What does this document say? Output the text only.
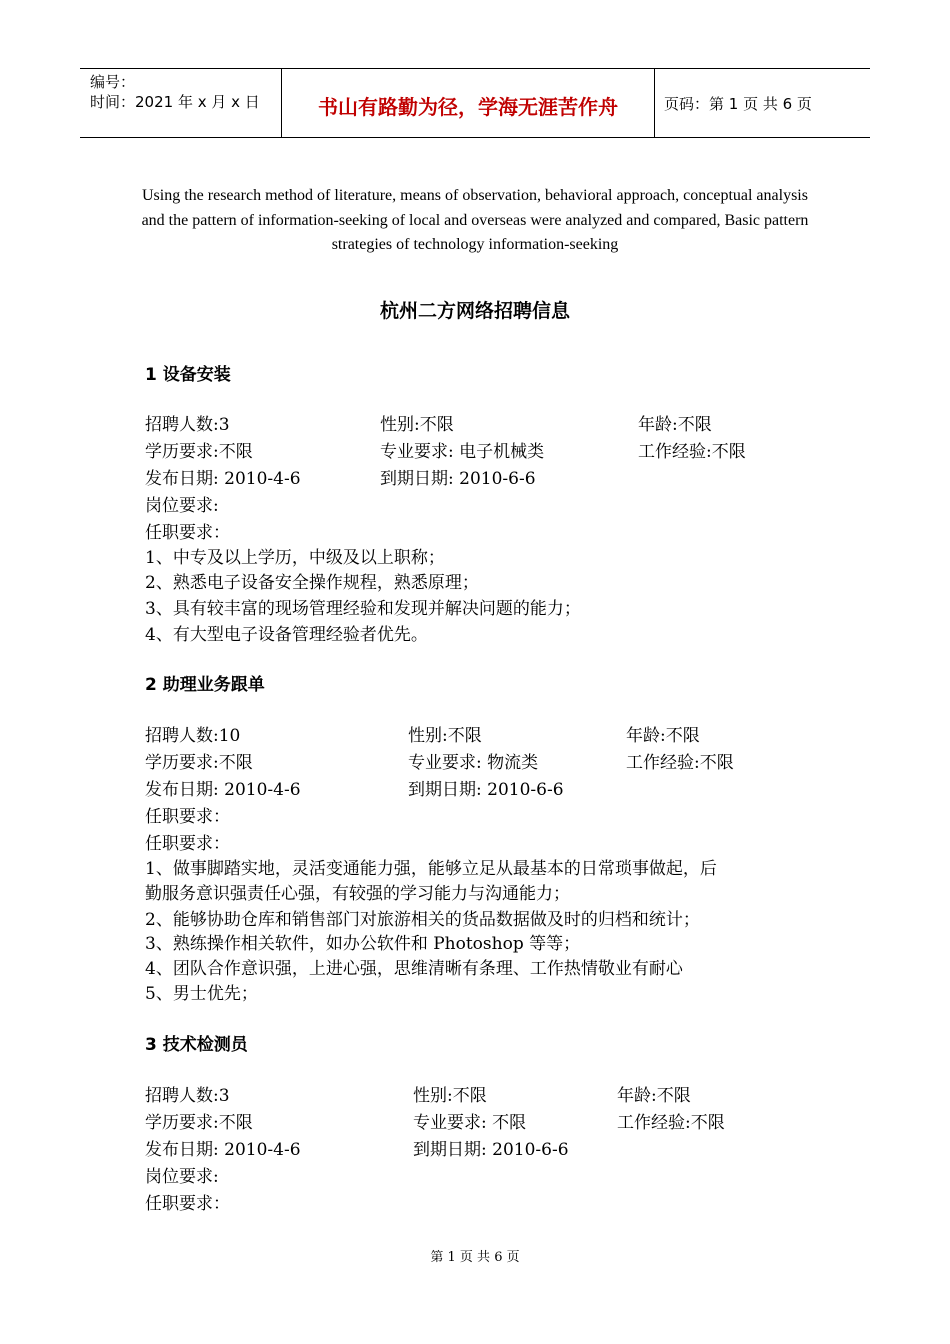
编号：
时间：2021 年 x 月 x 日	书山有路勤为径，学海无涯苦作舟	页码：第 1 页 共 6 页
Using the research method of literature, means of observation, behavioral approach, conceptual analysis and the pattern of information-seeking of local and overseas were analyzed and compared, Basic pattern strategies of technology information-seeking
杭州二方网络招聘信息
1 设备安装
招聘人数:3	性别:不限	年龄:不限
学历要求:不限	专业要求: 电子机械类	工作经验:不限
发布日期: 2010-4-6	到期日期: 2010-6-6
岗位要求:
任职要求：
1、中专及以上学历，中级及以上职称；
2、熟悉电子设备安全操作规程，熟悉原理；
3、具有较丰富的现场管理经验和发现并解决问题的能力；
4、有大型电子设备管理经验者优先。
2 助理业务跟单
招聘人数:10	性别:不限	年龄:不限
学历要求:不限	专业要求: 物流类	工作经验:不限
发布日期: 2010-4-6	到期日期: 2010-6-6
任职要求：
任职要求：
1、做事脚踏实地，灵活变通能力强，能够立足从最基本的日常琐事做起，后
勤服务意识强责任心强，有较强的学习能力与沟通能力；
2、能够协助仓库和销售部门对旅游相关的货品数据做及时的归档和统计；
3、熟练操作相关软件，如办公软件和 Photoshop 等等；
4、团队合作意识强，上进心强，思维清晰有条理、工作热情敬业有耐心
5、男士优先；
3 技术检测员
招聘人数:3	性别:不限	年龄:不限
学历要求:不限	专业要求: 不限	工作经验:不限
发布日期: 2010-4-6	到期日期: 2010-6-6
岗位要求:
任职要求：
第 1 页 共 6 页
